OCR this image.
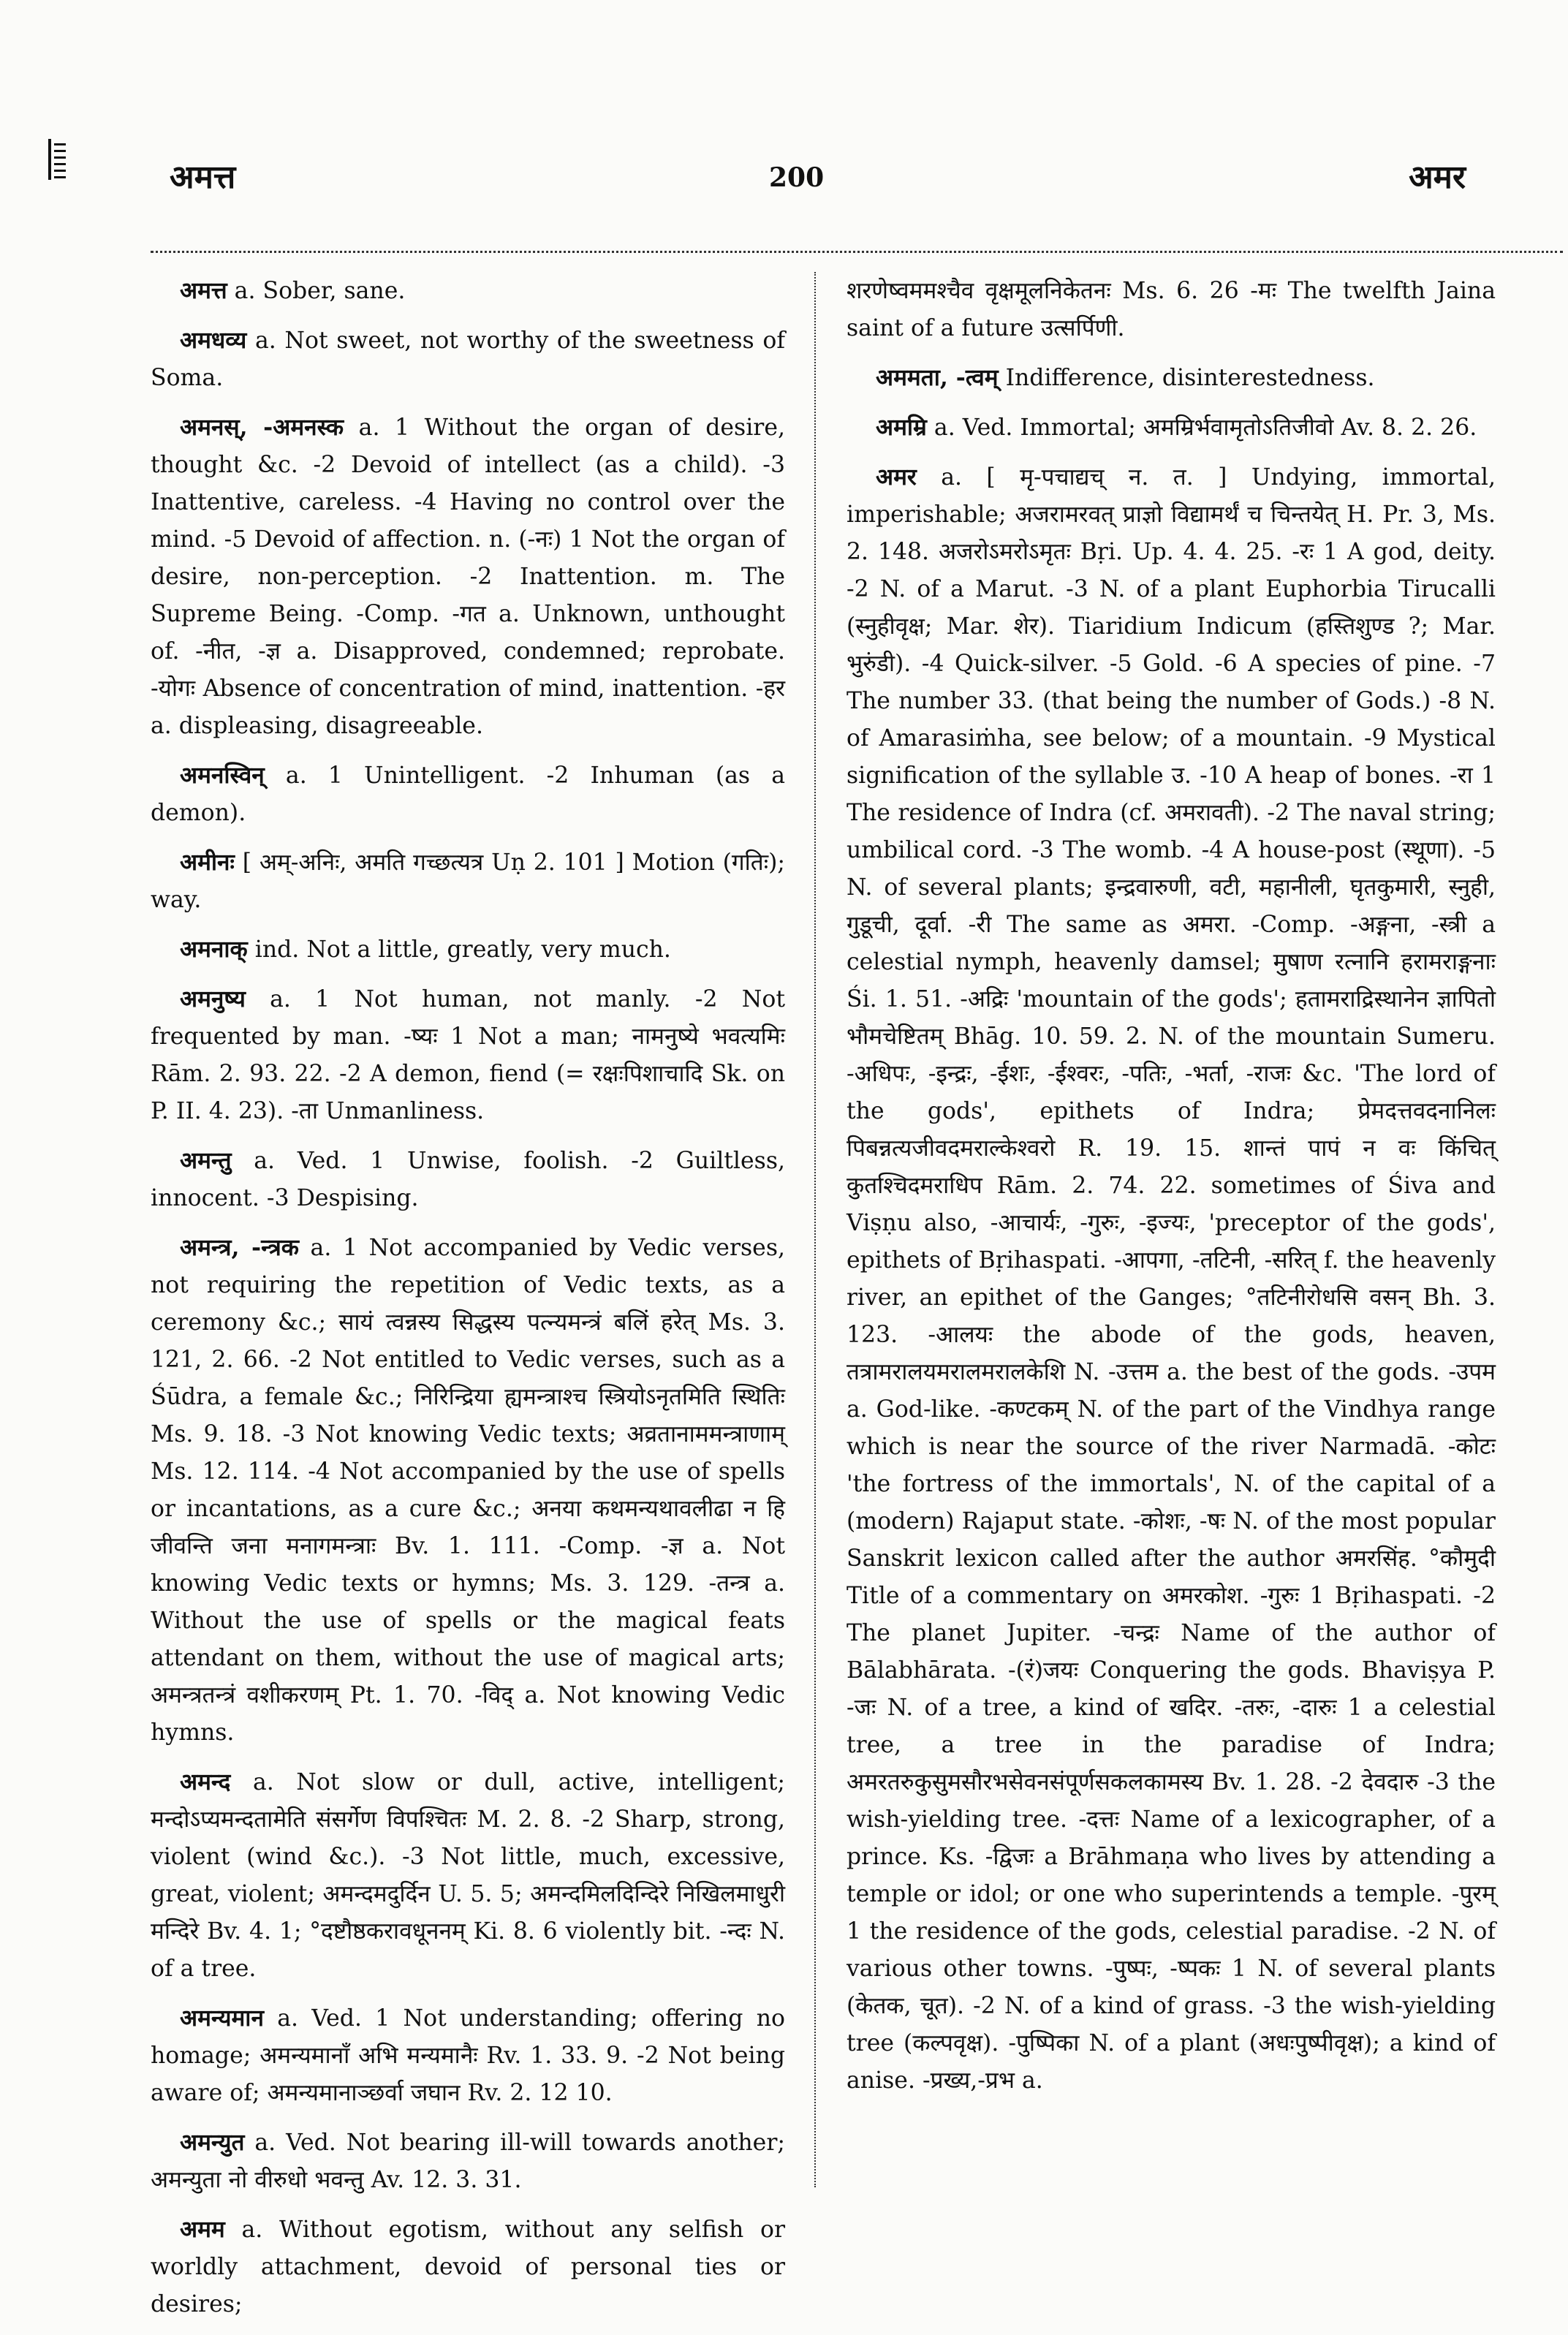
अमत्त	200	अमर

अमत्त a. Sober, sane.

अमधव्य a. Not sweet, not worthy of the sweetness of Soma.

अमनस्, -अमनस्क a. 1 Without the organ of desire, thought &c. -2 Devoid of intellect (as a child). -3 Inattentive, careless. -4 Having no control over the mind. -5 Devoid of affection. n. (-नः) 1 Not the organ of desire, non-perception. -2 Inattention. m. The Supreme Being. -Comp. -गत a. Unknown, unthought of. -नीत, -ज्ञ a. Disapproved, condemned; reprobate. -योगः Absence of concentration of mind, inattention. -हर a. displeasing, disagreeable.

अमनस्विन् a. 1 Unintelligent. -2 Inhuman (as a demon).

अमीनः [ अम्-अनिः, अमति गच्छत्यत्र Uṇ 2. 101 ] Motion (गतिः); way.

अमनाक् ind. Not a little, greatly, very much.

अमनुष्य a. 1 Not human, not manly. -2 Not frequented by man. -ष्यः 1 Not a man; नामनुष्ये भवत्यमिः Rām. 2. 93. 22. -2 A demon, fiend (= रक्षःपिशाचादि Sk. on P. II. 4. 23). -ता Unmanliness.

अमन्तु a. Ved. 1 Unwise, foolish. -2 Guiltless, innocent. -3 Despising.

अमन्त्र, -न्त्रक a. 1 Not accompanied by Vedic verses, not requiring the repetition of Vedic texts, as a ceremony &c.; सायं त्वन्नस्य सिद्धस्य पत्न्यमन्त्रं बलिं हरेत् Ms. 3. 121, 2. 66. -2 Not entitled to Vedic verses, such as a Śūdra, a female &c.; निरिन्द्रिया ह्यमन्त्राश्च स्त्रियोऽनृतमिति स्थितिः Ms. 9. 18. -3 Not knowing Vedic texts; अव्रतानाममन्त्राणाम् Ms. 12. 114. -4 Not accompanied by the use of spells or incantations, as a cure &c.; अनया कथमन्यथावलीढा न हि जीवन्ति जना मनागमन्त्राः Bv. 1. 111. -Comp. -ज्ञ a. Not knowing Vedic texts or hymns; Ms. 3. 129. -तन्त्र a. Without the use of spells or the magical feats attendant on them, without the use of magical arts; अमन्त्रतन्त्रं वशीकरणम् Pt. 1. 70. -विद् a. Not knowing Vedic hymns.

अमन्द a. Not slow or dull, active, intelligent; मन्दोऽप्यमन्दतामेति संसर्गेण विपश्चितः M. 2. 8. -2 Sharp, strong, violent (wind &c.). -3 Not little, much, excessive, great, violent; अमन्दमदुर्दिन U. 5. 5; अमन्दमिलदिन्दिरे निखिलमाधुरी मन्दिरे Bv. 4. 1; °दष्टौष्ठकरावधूननम् Ki. 8. 6 violently bit. -न्दः N. of a tree.

अमन्यमान a. Ved. 1 Not understanding; offering no homage; अमन्यमानाँ अभि मन्यमानैः Rv. 1. 33. 9. -2 Not being aware of; अमन्यमानाञ्छर्वा जघान Rv. 2. 12 10.

अमन्युत a. Ved. Not bearing ill-will towards another; अमन्युता नो वीरुधो भवन्तु Av. 12. 3. 31.

अमम a. Without egotism, without any selfish or worldly attachment, devoid of personal ties or desires;

शरणेष्वममश्चैव वृक्षमूलनिकेतनः Ms. 6. 26 -मः The twelfth Jaina saint of a future उत्सर्पिणी.

अममता, -त्वम् Indifference, disinterestedness.

अमम्रि a. Ved. Immortal; अमम्रिर्भवामृतोऽतिजीवो Av. 8. 2. 26.

अमर a. [ मृ-पचाद्यच् न. त. ] Undying, immortal, imperishable; अजरामरवत् प्राज्ञो विद्यामर्थं च चिन्तयेत् H. Pr. 3, Ms. 2. 148. अजरोऽमरोऽमृतः Bṛi. Up. 4. 4. 25. -रः 1 A god, deity. -2 N. of a Marut. -3 N. of a plant Euphorbia Tirucalli (स्नुहीवृक्ष; Mar. शेर). Tiaridium Indicum (हस्तिशुण्ड ?; Mar. भुरुंडी). -4 Quick-silver. -5 Gold. -6 A species of pine. -7 The number 33. (that being the number of Gods.) -8 N. of Amarasiṁha, see below; of a mountain. -9 Mystical signification of the syllable उ. -10 A heap of bones. -रा 1 The residence of Indra (cf. अमरावती). -2 The naval string; umbilical cord. -3 The womb. -4 A house-post (स्थूणा). -5 N. of several plants; इन्द्रवारुणी, वटी, महानीली, घृतकुमारी, स्नुही, गुडूची, दूर्वा. -री The same as अमरा. -Comp. -अङ्गना, -स्त्री a celestial nymph, heavenly damsel; मुषाण रत्नानि हरामराङ्गनाः Śi. 1. 51. -अद्रिः 'mountain of the gods'; हतामराद्रिस्थानेन ज्ञापितो भौमचेष्टितम् Bhāg. 10. 59. 2. N. of the mountain Sumeru. -अधिपः, -इन्द्रः, -ईशः, -ईश्वरः, -पतिः, -भर्ता, -राजः &c. 'The lord of the gods', epithets of Indra; प्रेमदत्तवदनानिलः पिबन्नत्यजीवदमराल्केश्वरो R. 19. 15. शान्तं पापं न वः किंचित् कुतश्चिदमराधिप Rām. 2. 74. 22. sometimes of Śiva and Viṣṇu also, -आचार्यः, -गुरुः, -इज्यः, 'preceptor of the gods', epithets of Bṛihaspati. -आपगा, -तटिनी, -सरित् f. the heavenly river, an epithet of the Ganges; °तटिनीरोधसि वसन् Bh. 3. 123. -आलयः the abode of the gods, heaven, तत्रामरालयमरालमरालकेशि N. -उत्तम a. the best of the gods. -उपम a. God-like. -कण्टकम् N. of the part of the Vindhya range which is near the source of the river Narmadā. -कोटः 'the fortress of the immortals', N. of the capital of a (modern) Rajaput state. -कोशः, -षः N. of the most popular Sanskrit lexicon called after the author अमरसिंह. °कौमुदी Title of a commentary on अमरकोश. -गुरुः 1 Bṛihaspati. -2 The planet Jupiter. -चन्द्रः Name of the author of Bālabhārata. -(रं)जयः Conquering the gods. Bhaviṣya P. -जः N. of a tree, a kind of खदिर. -तरुः, -दारुः 1 a celestial tree, a tree in the paradise of Indra; अमरतरुकुसुमसौरभसेवनसंपूर्णसकलकामस्य Bv. 1. 28. -2 देवदारु -3 the wish-yielding tree. -दत्तः Name of a lexicographer, of a prince. Ks. -द्विजः a Brāhmaṇa who lives by attending a temple or idol; or one who superintends a temple. -पुरम् 1 the residence of the gods, celestial paradise. -2 N. of various other towns. -पुष्पः, -ष्पकः 1 N. of several plants (केतक, चूत). -2 N. of a kind of grass. -3 the wish-yielding tree (कल्पवृक्ष). -पुष्पिका N. of a plant (अधःपुष्पीवृक्ष); a kind of anise. -प्रख्य,-प्रभ a.
